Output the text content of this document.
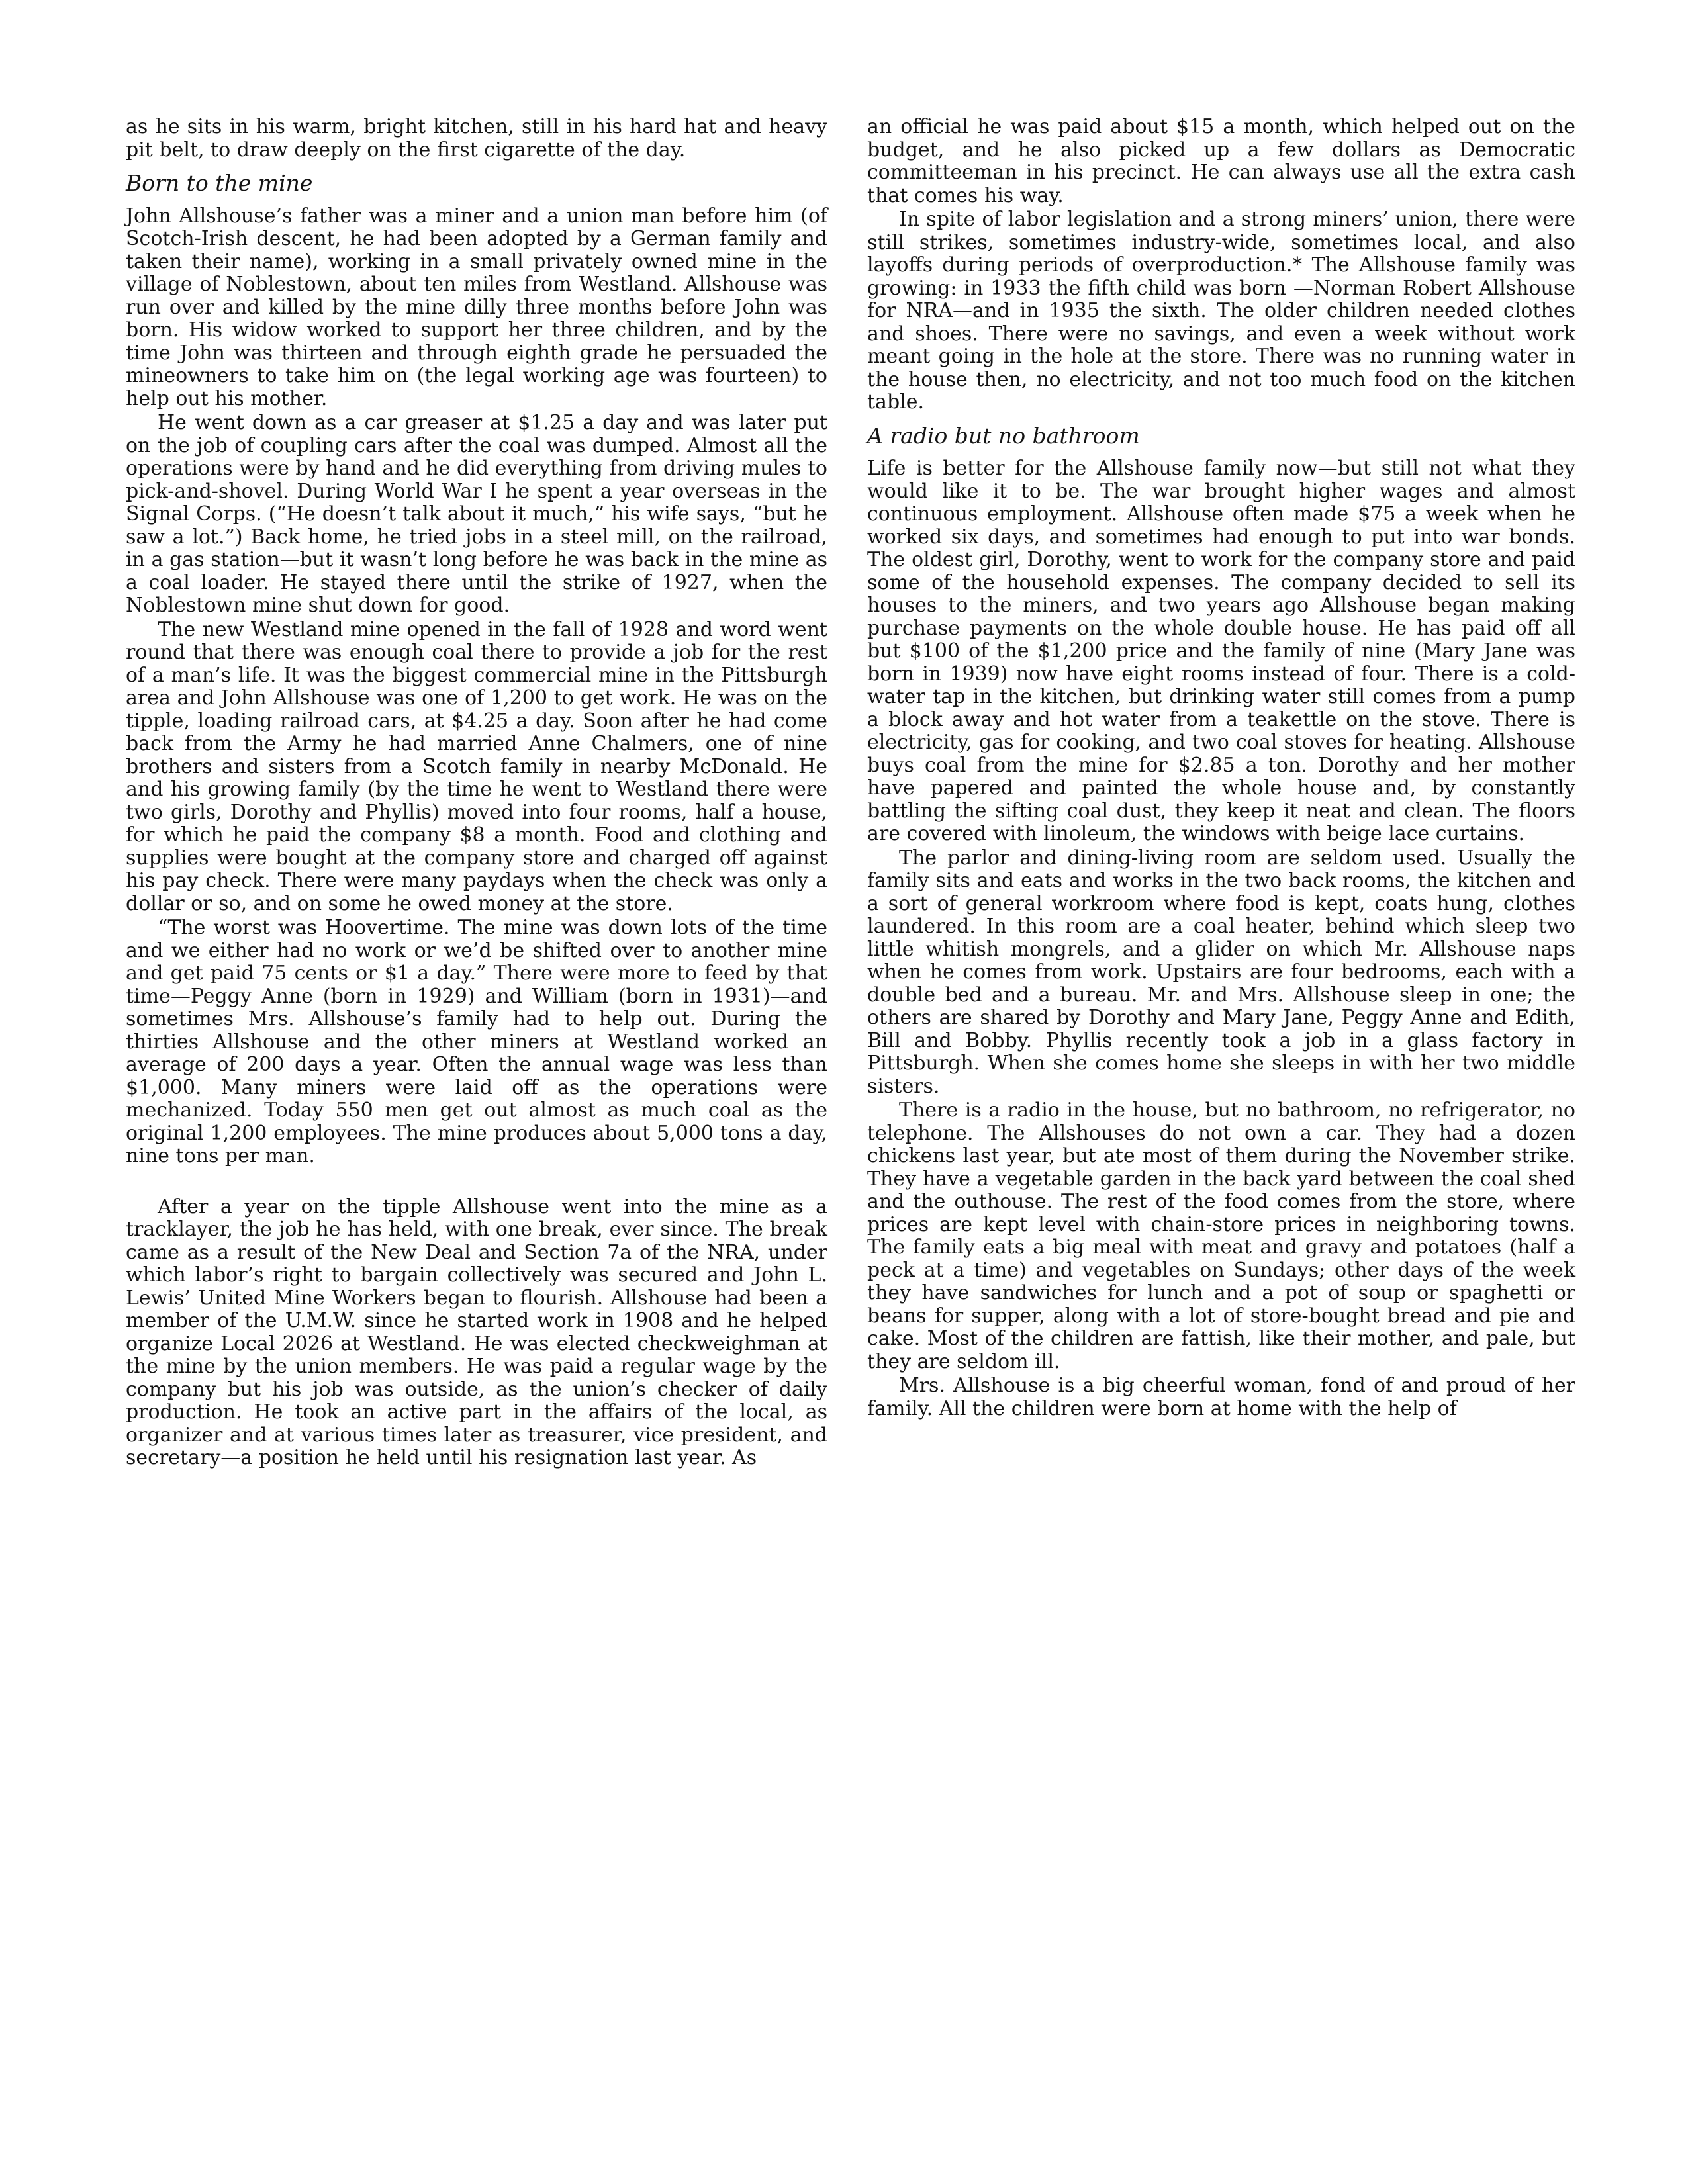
as he sits in his warm, bright kitchen, still in his hard hat and heavy pit belt, to draw deeply on the first cigarette of the day.

Born to the mine

John Allshouse’s father was a miner and a union man before him (of Scotch-Irish descent, he had been adopted by a German family and taken their name), working in a small privately owned mine in the village of Noblestown, about ten miles from Westland. Allshouse was run over and killed by the mine dilly three months before John was born. His widow worked to support her three children, and by the time John was thirteen and through eighth grade he persuaded the mineowners to take him on (the legal working age was fourteen) to help out his mother.

He went down as a car greaser at $1.25 a day and was later put on the job of coupling cars after the coal was dumped. Almost all the operations were by hand and he did everything from driving mules to pick-and-shovel. During World War I he spent a year overseas in the Signal Corps. (“He doesn’t talk about it much,” his wife says, “but he saw a lot.”) Back home, he tried jobs in a steel mill, on the railroad, in a gas station—but it wasn’t long before he was back in the mine as a coal loader. He stayed there until the strike of 1927, when the Noblestown mine shut down for good.

The new Westland mine opened in the fall of 1928 and word went round that there was enough coal there to provide a job for the rest of a man’s life. It was the biggest commercial mine in the Pittsburgh area and John Allshouse was one of 1,200 to get work. He was on the tipple, loading railroad cars, at $4.25 a day. Soon after he had come back from the Army he had married Anne Chalmers, one of nine brothers and sisters from a Scotch family in nearby McDonald. He and his growing family (by the time he went to Westland there were two girls, Dorothy and Phyllis) moved into four rooms, half a house, for which he paid the company $8 a month. Food and clothing and supplies were bought at the company store and charged off against his pay check. There were many paydays when the check was only a dollar or so, and on some he owed money at the store.

“The worst was Hoovertime. The mine was down lots of the time and we either had no work or we’d be shifted over to another mine and get paid 75 cents or $1 a day.” There were more to feed by that time—Peggy Anne (born in 1929) and William (born in 1931)—and sometimes Mrs. Allshouse’s family had to help out. During the thirties Allshouse and the other miners at Westland worked an average of 200 days a year. Often the annual wage was less than $1,000. Many miners were laid off as the operations were mechanized. Today 550 men get out almost as much coal as the original 1,200 employees. The mine produces about 5,000 tons a day, nine tons per man.

After a year on the tipple Allshouse went into the mine as a tracklayer, the job he has held, with one break, ever since. The break came as a result of the New Deal and Section 7a of the NRA, under which labor’s right to bargain collectively was secured and John L. Lewis’ United Mine Workers began to flourish. Allshouse had been a member of the U.M.W. since he started work in 1908 and he helped organize Local 2026 at Westland. He was elected checkweighman at the mine by the union members. He was paid a regular wage by the company but his job was outside, as the union’s checker of daily production. He took an active part in the affairs of the local, as organizer and at various times later as treasurer, vice president, and secretary—a position he held until his resignation last year. As

an official he was paid about $15 a month, which helped out on the budget, and he also picked up a few dollars as Democratic committeeman in his precinct. He can always use all the extra cash that comes his way.

In spite of labor legislation and a strong miners’ union, there were still strikes, sometimes industry-wide, sometimes local, and also layoffs during periods of overproduction.* The Allshouse family was growing: in 1933 the fifth child was born —Norman Robert Allshouse for NRA—and in 1935 the sixth. The older children needed clothes and shoes. There were no savings, and even a week without work meant going in the hole at the store. There was no running water in the house then, no electricity, and not too much food on the kitchen table.

A radio but no bathroom

Life is better for the Allshouse family now—but still not what they would like it to be. The war brought higher wages and almost continuous employment. Allshouse often made $75 a week when he worked six days, and sometimes had enough to put into war bonds. The oldest girl, Dorothy, went to work for the company store and paid some of the household expenses. The company decided to sell its houses to the miners, and two years ago Allshouse began making purchase payments on the whole double house. He has paid off all but $100 of the $1,200 price and the family of nine (Mary Jane was born in 1939) now have eight rooms instead of four. There is a cold-water tap in the kitchen, but drinking water still comes from a pump a block away and hot water from a teakettle on the stove. There is electricity, gas for cooking, and two coal stoves for heating. Allshouse buys coal from the mine for $2.85 a ton. Dorothy and her mother have papered and painted the whole house and, by constantly battling the sifting coal dust, they keep it neat and clean. The floors are covered with linoleum, the windows with beige lace curtains.

The parlor and dining-living room are seldom used. Usually the family sits and eats and works in the two back rooms, the kitchen and a sort of general workroom where food is kept, coats hung, clothes laundered. In this room are a coal heater, behind which sleep two little whitish mongrels, and a glider on which Mr. Allshouse naps when he comes from work. Upstairs are four bedrooms, each with a double bed and a bureau. Mr. and Mrs. Allshouse sleep in one; the others are shared by Dorothy and Mary Jane, Peggy Anne and Edith, Bill and Bobby. Phyllis recently took a job in a glass factory in Pittsburgh. When she comes home she sleeps in with her two middle sisters.

There is a radio in the house, but no bathroom, no refrigerator, no telephone. The Allshouses do not own a car. They had a dozen chickens last year, but ate most of them during the November strike. They have a vegetable garden in the back yard between the coal shed and the outhouse. The rest of the food comes from the store, where prices are kept level with chain-store prices in neighboring towns. The family eats a big meal with meat and gravy and potatoes (half a peck at a time) and vegetables on Sundays; other days of the week they have sandwiches for lunch and a pot of soup or spaghetti or beans for supper, along with a lot of store-bought bread and pie and cake. Most of the children are fattish, like their mother, and pale, but they are seldom ill.

Mrs. Allshouse is a big cheerful woman, fond of and proud of her family. All the children were born at home with the help of
